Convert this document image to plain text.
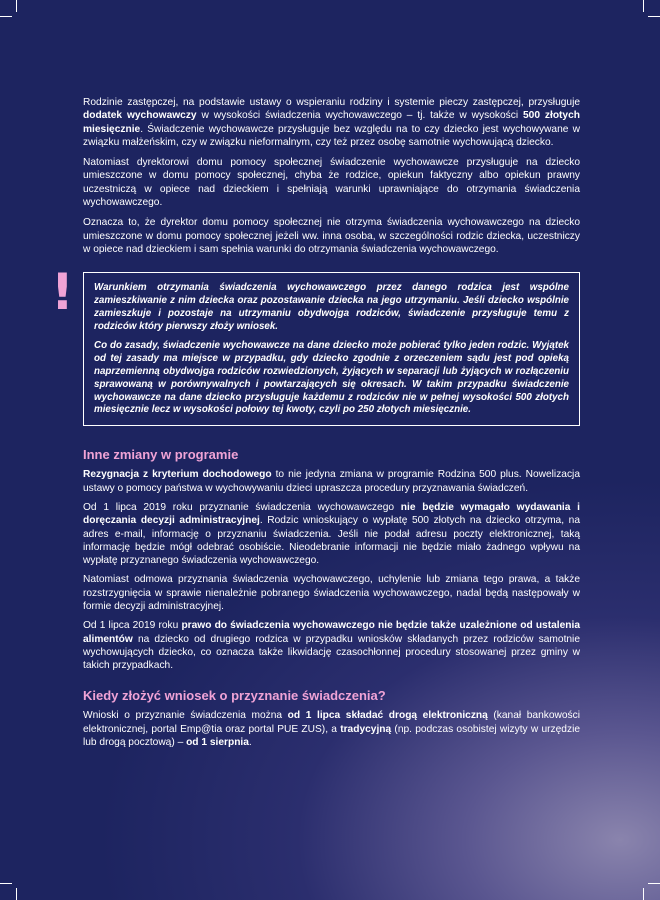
Rodzinie zastępczej, na podstawie ustawy o wspieraniu rodziny i systemie pieczy zastępczej, przysługuje dodatek wychowawczy w wysokości świadczenia wychowawczego – tj. także w wysokości 500 złotych miesięcznie. Świadczenie wychowawcze przysługuje bez względu na to czy dziecko jest wychowywane w związku małżeńskim, czy w związku nieformalnym, czy też przez osobę samotnie wychowującą dziecko.

Natomiast dyrektorowi domu pomocy społecznej świadczenie wychowawcze przysługuje na dziecko umieszczone w domu pomocy społecznej, chyba że rodzice, opiekun faktyczny albo opiekun prawny uczestniczą w opiece nad dzieckiem i spełniają warunki uprawniające do otrzymania świadczenia wychowawczego.

Oznacza to, że dyrektor domu pomocy społecznej nie otrzyma świadczenia wychowawczego na dziecko umieszczone w domu pomocy społecznej jeżeli ww. inna osoba, w szczególności rodzic dziecka, uczestniczy w opiece nad dzieckiem i sam spełnia warunki do otrzymania świadczenia wychowawczego.

! Warunkiem otrzymania świadczenia wychowawczego przez danego rodzica jest wspólne zamieszkiwanie z nim dziecka oraz pozostawanie dziecka na jego utrzymaniu. Jeśli dziecko wspólnie zamieszkuje i pozostaje na utrzymaniu obydwojga rodziców, świadczenie przysługuje temu z rodziców który pierwszy złoży wniosek.

Co do zasady, świadczenie wychowawcze na dane dziecko może pobierać tylko jeden rodzic. Wyjątek od tej zasady ma miejsce w przypadku, gdy dziecko zgodnie z orzeczeniem sądu jest pod opieką naprzemienną obydwojga rodziców rozwiedzionych, żyjących w separacji lub żyjących w rozłączeniu sprawowaną w porównywalnych i powtarzających się okresach. W takim przypadku świadczenie wychowawcze na dane dziecko przysługuje każdemu z rodziców nie w pełnej wysokości 500 złotych miesięcznie lecz w wysokości połowy tej kwoty, czyli po 250 złotych miesięcznie.

Inne zmiany w programie

Rezygnacja z kryterium dochodowego to nie jedyna zmiana w programie Rodzina 500 plus. Nowelizacja ustawy o pomocy państwa w wychowywaniu dzieci upraszcza procedury przyznawania świadczeń.

Od 1 lipca 2019 roku przyznanie świadczenia wychowawczego nie będzie wymagało wydawania i doręczania decyzji administracyjnej. Rodzic wnioskujący o wypłatę 500 złotych na dziecko otrzyma, na adres e-mail, informację o przyznaniu świadczenia. Jeśli nie podał adresu poczty elektronicznej, taką informację będzie mógł odebrać osobiście. Nieodebranie informacji nie będzie miało żadnego wpływu na wypłatę przyznanego świadczenia wychowawczego.

Natomiast odmowa przyznania świadczenia wychowawczego, uchylenie lub zmiana tego prawa, a także rozstrzygnięcia w sprawie nienależnie pobranego świadczenia wychowawczego, nadal będą następowały w formie decyzji administracyjnej.

Od 1 lipca 2019 roku prawo do świadczenia wychowawczego nie będzie także uzależnione od ustalenia alimentów na dziecko od drugiego rodzica w przypadku wniosków składanych przez rodziców samotnie wychowujących dziecko, co oznacza także likwidację czasochłonnej procedury stosowanej przez gminy w takich przypadkach.

Kiedy złożyć wniosek o przyznanie świadczenia?

Wnioski o przyznanie świadczenia można od 1 lipca składać drogą elektroniczną (kanał bankowości elektronicznej, portal Emp@tia oraz portal PUE ZUS), a tradycyjną (np. podczas osobistej wizyty w urzędzie lub drogą pocztową) – od 1 sierpnia.
